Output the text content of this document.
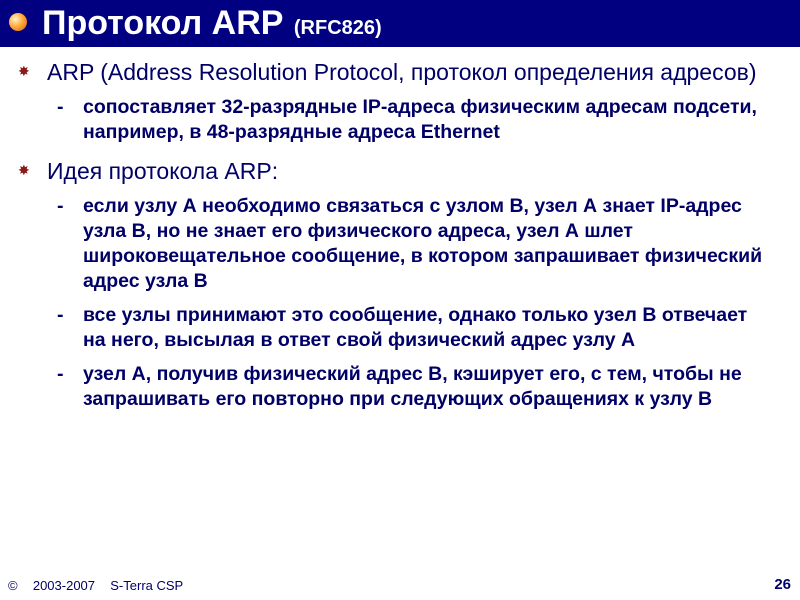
Протокол ARP (RFC826)
✸ ARP (Address Resolution Protocol, протокол определения адресов)
- сопоставляет 32-разрядные IP-адреса физическим адресам подсети, например, в 48-разрядные адреса Ethernet
✸ Идея протокола ARP:
- если узлу А необходимо связаться с узлом В, узел А знает IP-адрес узла В, но не знает его физического адреса, узел А шлет широковещательное сообщение, в котором запрашивает физический адрес узла В
- все узлы принимают это сообщение, однако только узел В отвечает на него, высылая в ответ свой физический адрес узлу А
- узел А, получив физический адрес В, кэширует его, с тем, чтобы не запрашивать его повторно при следующих обращениях к узлу В
© 2003-2007 S-Terra CSP	26
